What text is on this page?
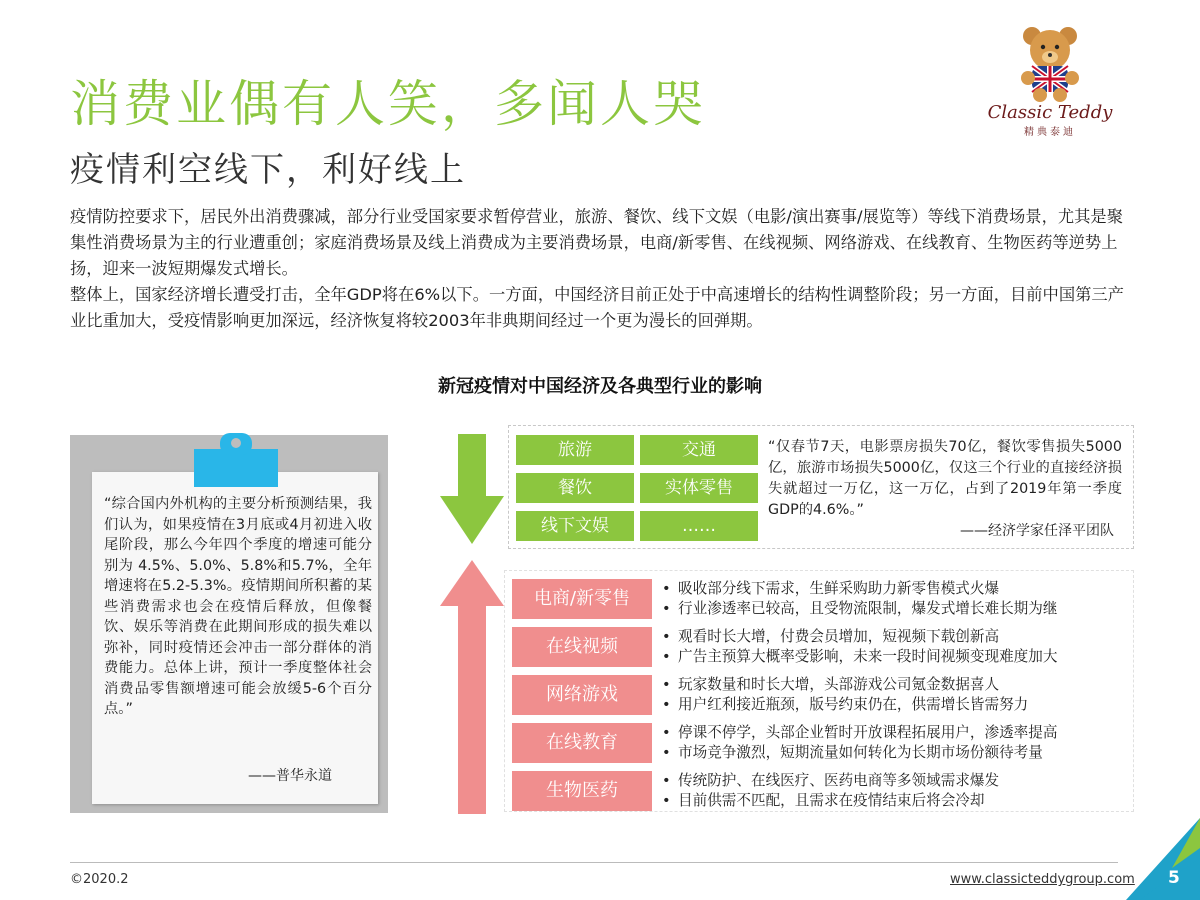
消费业偶有人笑，多闻人哭
疫情利空线下，利好线上
Classic Teddy
精典泰迪

疫情防控要求下，居民外出消费骤减，部分行业受国家要求暂停营业，旅游、餐饮、线下文娱（电影/演出赛事/展览等）等线下消费场景，尤其是聚集性消费场景为主的行业遭重创；家庭消费场景及线上消费成为主要消费场景，电商/新零售、在线视频、网络游戏、在线教育、生物医药等逆势上扬，迎来一波短期爆发式增长。

整体上，国家经济增长遭受打击，全年GDP将在6%以下。一方面，中国经济目前正处于中高速增长的结构性调整阶段；另一方面，目前中国第三产业比重加大，受疫情影响更加深远，经济恢复将较2003年非典期间经过一个更为漫长的回弹期。

新冠疫情对中国经济及各典型行业的影响
“综合国内外机构的主要分析预测结果，我们认为，如果疫情在3月底或4月初进入收尾阶段，那么今年四个季度的增速可能分别为 4.5%、5.0%、5.8%和5.7%，全年增速将在5.2-5.3%。疫情期间所积蓄的某些消费需求也会在疫情后释放，但像餐饮、娱乐等消费在此期间形成的损失难以弥补，同时疫情还会冲击一部分群体的消费能力。总体上讲，预计一季度整体社会消费品零售额增速可能会放缓5-6个百分点。”
——普华永道
旅游	交通
餐饮	实体零售
线下文娱	……
“仅春节7天，电影票房损失70亿，餐饮零售损失5000亿，旅游市场损失5000亿，仅这三个行业的直接经济损失就超过一万亿，这一万亿，占到了2019年第一季度GDP的4.6%。”
——经济学家任泽平团队
电商/新零售	• 吸收部分线下需求，生鲜采购助力新零售模式火爆
• 行业渗透率已较高，且受物流限制，爆发式增长难长期为继
在线视频	• 观看时长大增，付费会员增加，短视频下载创新高
• 广告主预算大概率受影响，未来一段时间视频变现难度加大
网络游戏	• 玩家数量和时长大增，头部游戏公司氪金数据喜人
• 用户红利接近瓶颈，版号约束仍在，供需增长皆需努力
在线教育	• 停课不停学，头部企业暂时开放课程拓展用户，渗透率提高
• 市场竞争激烈，短期流量如何转化为长期市场份额待考量
生物医药	• 传统防护、在线医疗、医药电商等多领域需求爆发
• 目前供需不匹配，且需求在疫情结束后将会冷却
©2020.2	www.classicteddygroup.com 5
